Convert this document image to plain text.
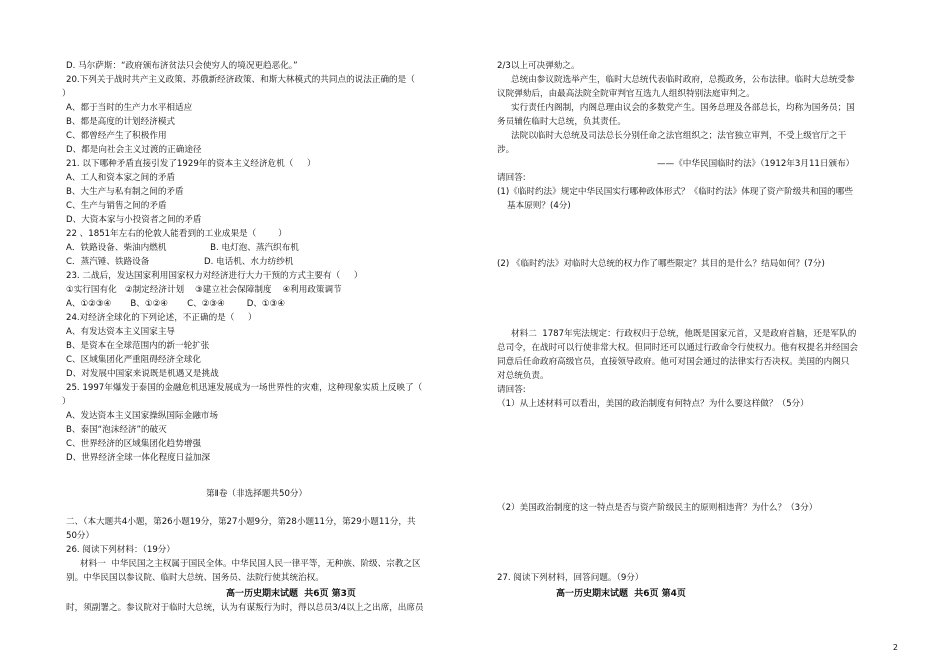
D. 马尔萨斯：“政府颁布济贫法只会使穷人的境况更趋恶化。”
20.下列关于战时共产主义政策、苏俄新经济政策、和斯大林模式的共同点的说法正确的是（
）
A、都于当时的生产力水平相适应
B、都是高度的计划经济模式
C、都曾经产生了积极作用
D、都是向社会主义过渡的正确途径
21. 以下哪种矛盾直接引发了1929年的资本主义经济危机（     ）
A、工人和资本家之间的矛盾
B、大生产与私有制之间的矛盾
C、生产与销售之间的矛盾
D、大资本家与小投资者之间的矛盾
22 、1851年左右的伦敦人能看到的工业成果是（        ）
A．铁路设备、柴油内燃机                B. 电灯泡、蒸汽织布机
C．蒸汽锤、铁路设备                    D. 电话机、水力纺纱机
23. 二战后，发达国家利用国家权力对经济进行大力干预的方式主要有（     ）
①实行国有化   ②制定经济计划    ③建立社会保障制度    ④利用政策调节
A、①②③④       B、①②④       C、②③④        D、①③④
24.对经济全球化的下列论述，不正确的是（     ）
A、有发达资本主义国家主导
B、是资本在全球范围内的新一轮扩张
C、区域集团化严重阻碍经济全球化
D、对发展中国家来说既是机遇又是挑战
25. 1997年爆发于泰国的金融危机迅速发展成为一场世界性的灾难，这种现象实质上反映了（
）
A、发达资本主义国家操纵国际金融市场
B、泰国“泡沫经济”的破灭
C、世界经济的区域集团化趋势增强
D、世界经济全球一体化程度日益加深
第Ⅱ卷（非选择题共50分）
二、（本大题共4小题，第26小题19分，第27小题9分，第28小题11分，第29小题11分，共
50分）
26. 阅读下列材料：（19分）
材料一  中华民国之主权属于国民全体。中华民国人民一律平等，无种族、阶级、宗教之区
别。中华民国以参议院、临时大总统、国务员、法院行使其统治权。
时，须副署之。参议院对于临时大总统，认为有谋叛行为时，得以总员3/4以上之出席，出席员
2/3以上可决弹劾之。
总统由参议院选举产生，临时大总统代表临时政府，总揽政务，公布法律。临时大总统受参
议院弹劾后，由最高法院全院审判官互选九人组织特别法庭审判之。
实行责任内阁制，内阁总理由议会的多数党产生。国务总理及各部总长，均称为国务员；国
务员辅佐临时大总统，负其责任。
法院以临时大总统及司法总长分别任命之法官组织之；法官独立审判，不受上级官厅之干
涉。
——《中华民国临时约法》（1912年3月11日颁布）
请回答:
(1)《临时约法》规定中华民国实行哪种政体形式？《临时约法》体现了资产阶级共和国的哪些
基本原则？(4分)
(2) 《临时约法》对临时大总统的权力作了哪些限定？其目的是什么？结局如何？(7分)
材料二  1787年宪法规定：行政权归于总统，他既是国家元首，又是政府首脑，还是军队的
总司令，在战时可以行使非常大权。但同时还可以通过行政命令行使权力。他有权提名并经国会
同意后任命政府高级官员，直接领导政府。他可对国会通过的法律实行否决权。美国的内阁只
对总统负责。
请回答:
（1）从上述材料可以看出，美国的政治制度有何特点？为什么要这样做？（5分）
（2）美国政治制度的这一特点是否与资产阶级民主的原则相违背？为什么？（3分）
27. 阅读下列材料，回答问题。（9分）
高一历史期末试题  共6页 第3页	高一历史期末试题  共6页 第4页
2
